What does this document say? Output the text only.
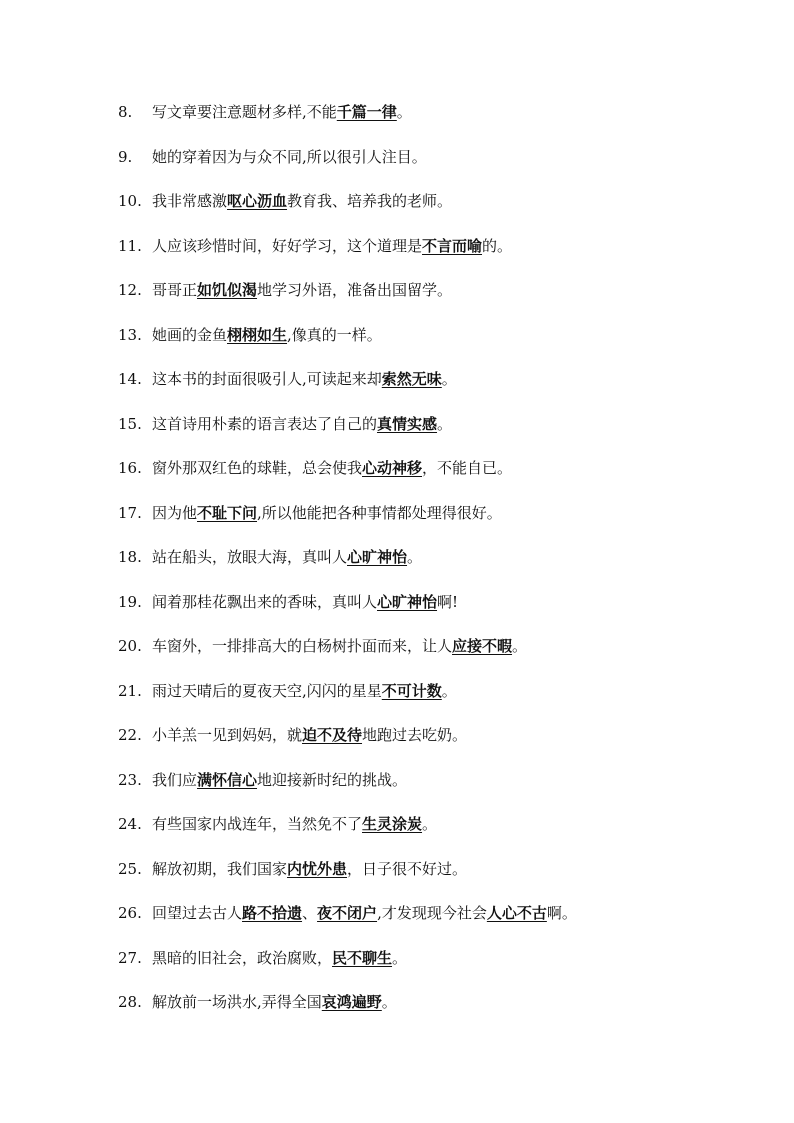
8. 写文章要注意题材多样,不能千篇一律。
9. 她的穿着因为与众不同,所以很引人注目。
10. 我非常感激呕心沥血教育我、培养我的老师。
11. 人应该珍惜时间，好好学习，这个道理是不言而喻的。
12. 哥哥正如饥似渴地学习外语，准备出国留学。
13. 她画的金鱼栩栩如生,像真的一样。
14. 这本书的封面很吸引人,可读起来却索然无味。
15. 这首诗用朴素的语言表达了自己的真情实感。
16. 窗外那双红色的球鞋，总会使我心动神移，不能自已。
17. 因为他不耻下问,所以他能把各种事情都处理得很好。
18. 站在船头，放眼大海，真叫人心旷神怡。
19. 闻着那桂花飘出来的香味，真叫人心旷神怡啊!
20. 车窗外，一排排高大的白杨树扑面而来，让人应接不暇。
21. 雨过天晴后的夏夜天空,闪闪的星星不可计数。
22. 小羊羔一见到妈妈，就迫不及待地跑过去吃奶。
23. 我们应满怀信心地迎接新时纪的挑战。
24. 有些国家内战连年，当然免不了生灵涂炭。
25. 解放初期，我们国家内忧外患，日子很不好过。
26. 回望过去古人路不拾遗、夜不闭户,才发现现今社会人心不古啊。
27. 黑暗的旧社会，政治腐败，民不聊生。
28. 解放前一场洪水,弄得全国哀鸿遍野。
